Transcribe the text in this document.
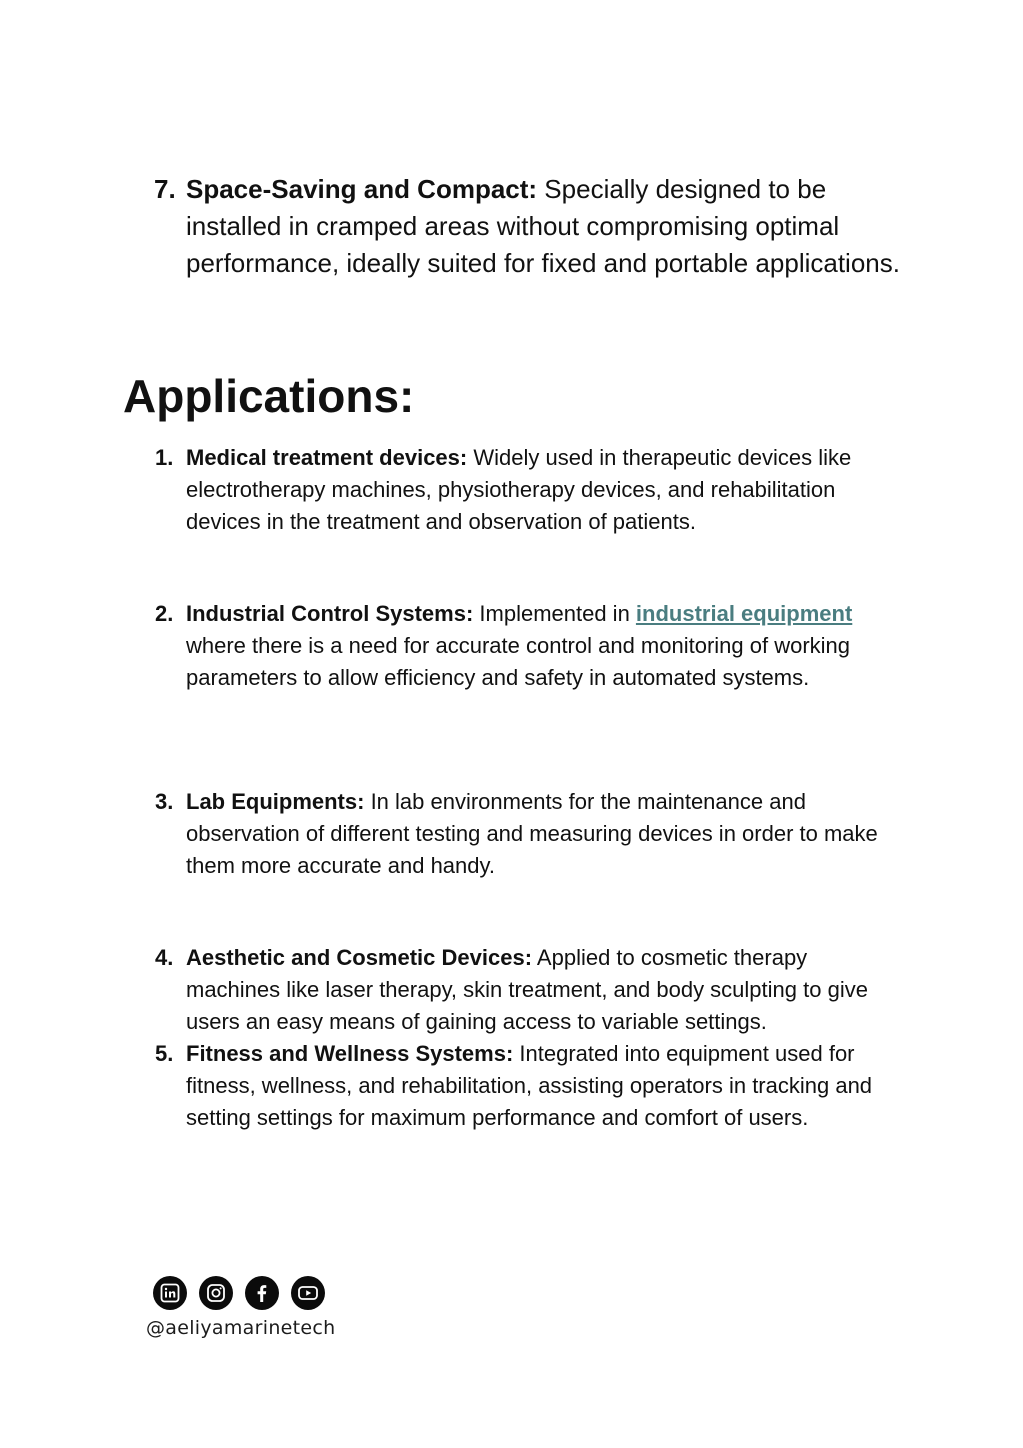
7. Space-Saving and Compact: Specially designed to be installed in cramped areas without compromising optimal performance, ideally suited for fixed and portable applications.
Applications:
1. Medical treatment devices: Widely used in therapeutic devices like electrotherapy machines, physiotherapy devices, and rehabilitation devices in the treatment and observation of patients.
2. Industrial Control Systems: Implemented in industrial equipment where there is a need for accurate control and monitoring of working parameters to allow efficiency and safety in automated systems.
3. Lab Equipments: In lab environments for the maintenance and observation of different testing and measuring devices in order to make them more accurate and handy.
4. Aesthetic and Cosmetic Devices: Applied to cosmetic therapy machines like laser therapy, skin treatment, and body sculpting to give users an easy means of gaining access to variable settings.
5. Fitness and Wellness Systems: Integrated into equipment used for fitness, wellness, and rehabilitation, assisting operators in tracking and setting settings for maximum performance and comfort of users.
@aeliyamarinetech
